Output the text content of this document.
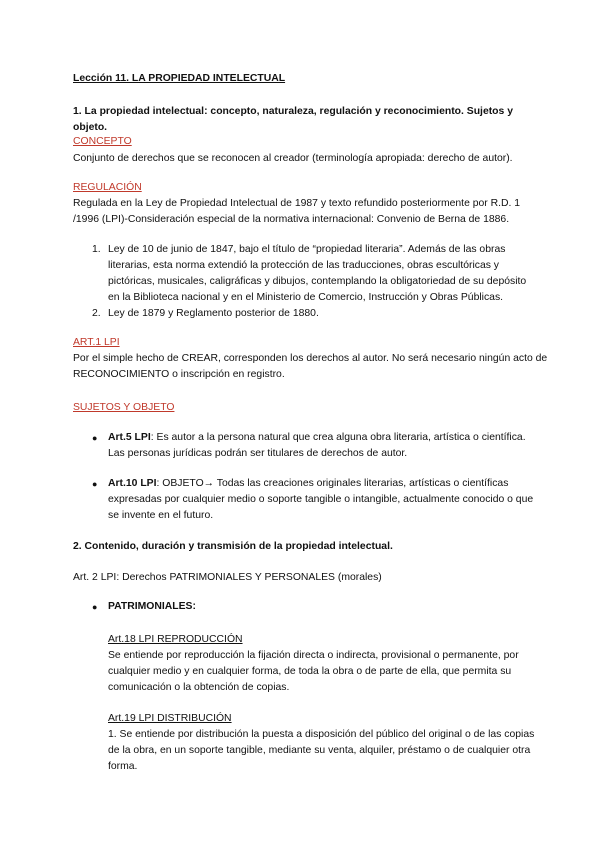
Lección 11. LA PROPIEDAD INTELECTUAL
1. La propiedad intelectual: concepto, naturaleza, regulación y reconocimiento. Sujetos y objeto.
CONCEPTO
Conjunto de derechos que se reconocen al creador (terminología apropiada: derecho de autor).
REGULACIÓN
Regulada en la Ley de Propiedad Intelectual de 1987 y texto refundido posteriormente por R.D. 1
/1996 (LPI)-Consideración especial de la normativa internacional: Convenio de Berna de 1886.
1. Ley de 10 de junio de 1847, bajo el título de “propiedad literaria”. Además de las obras
literarias, esta norma extendió la protección de las traducciones, obras escultóricas y
pictóricas, musicales, caligráficas y dibujos, contemplando la obligatoriedad de su depósito
en la Biblioteca nacional y en el Ministerio de Comercio, Instrucción y Obras Públicas.
2. Ley de 1879 y Reglamento posterior de 1880.
ART.1 LPI
Por el simple hecho de CREAR, corresponden los derechos al autor. No será necesario ningún acto de
RECONOCIMIENTO o inscripción en registro.
SUJETOS Y OBJETO
● Art.5 LPI: Es autor a la persona natural que crea alguna obra literaria, artística o científica.
Las personas jurídicas podrán ser titulares de derechos de autor.
● Art.10 LPI: OBJETO→ Todas las creaciones originales literarias, artísticas o científicas
expresadas por cualquier medio o soporte tangible o intangible, actualmente conocido o que
se invente en el futuro.
2. Contenido, duración y transmisión de la propiedad intelectual.
Art. 2 LPI: Derechos PATRIMONIALES Y PERSONALES (morales)
● PATRIMONIALES:
Art.18 LPI REPRODUCCIÓN
Se entiende por reproducción la fijación directa o indirecta, provisional o permanente, por
cualquier medio y en cualquier forma, de toda la obra o de parte de ella, que permita su
comunicación o la obtención de copias.
Art.19 LPI DISTRIBUCIÓN
1. Se entiende por distribución la puesta a disposición del público del original o de las copias
de la obra, en un soporte tangible, mediante su venta, alquiler, préstamo o de cualquier otra
forma.
